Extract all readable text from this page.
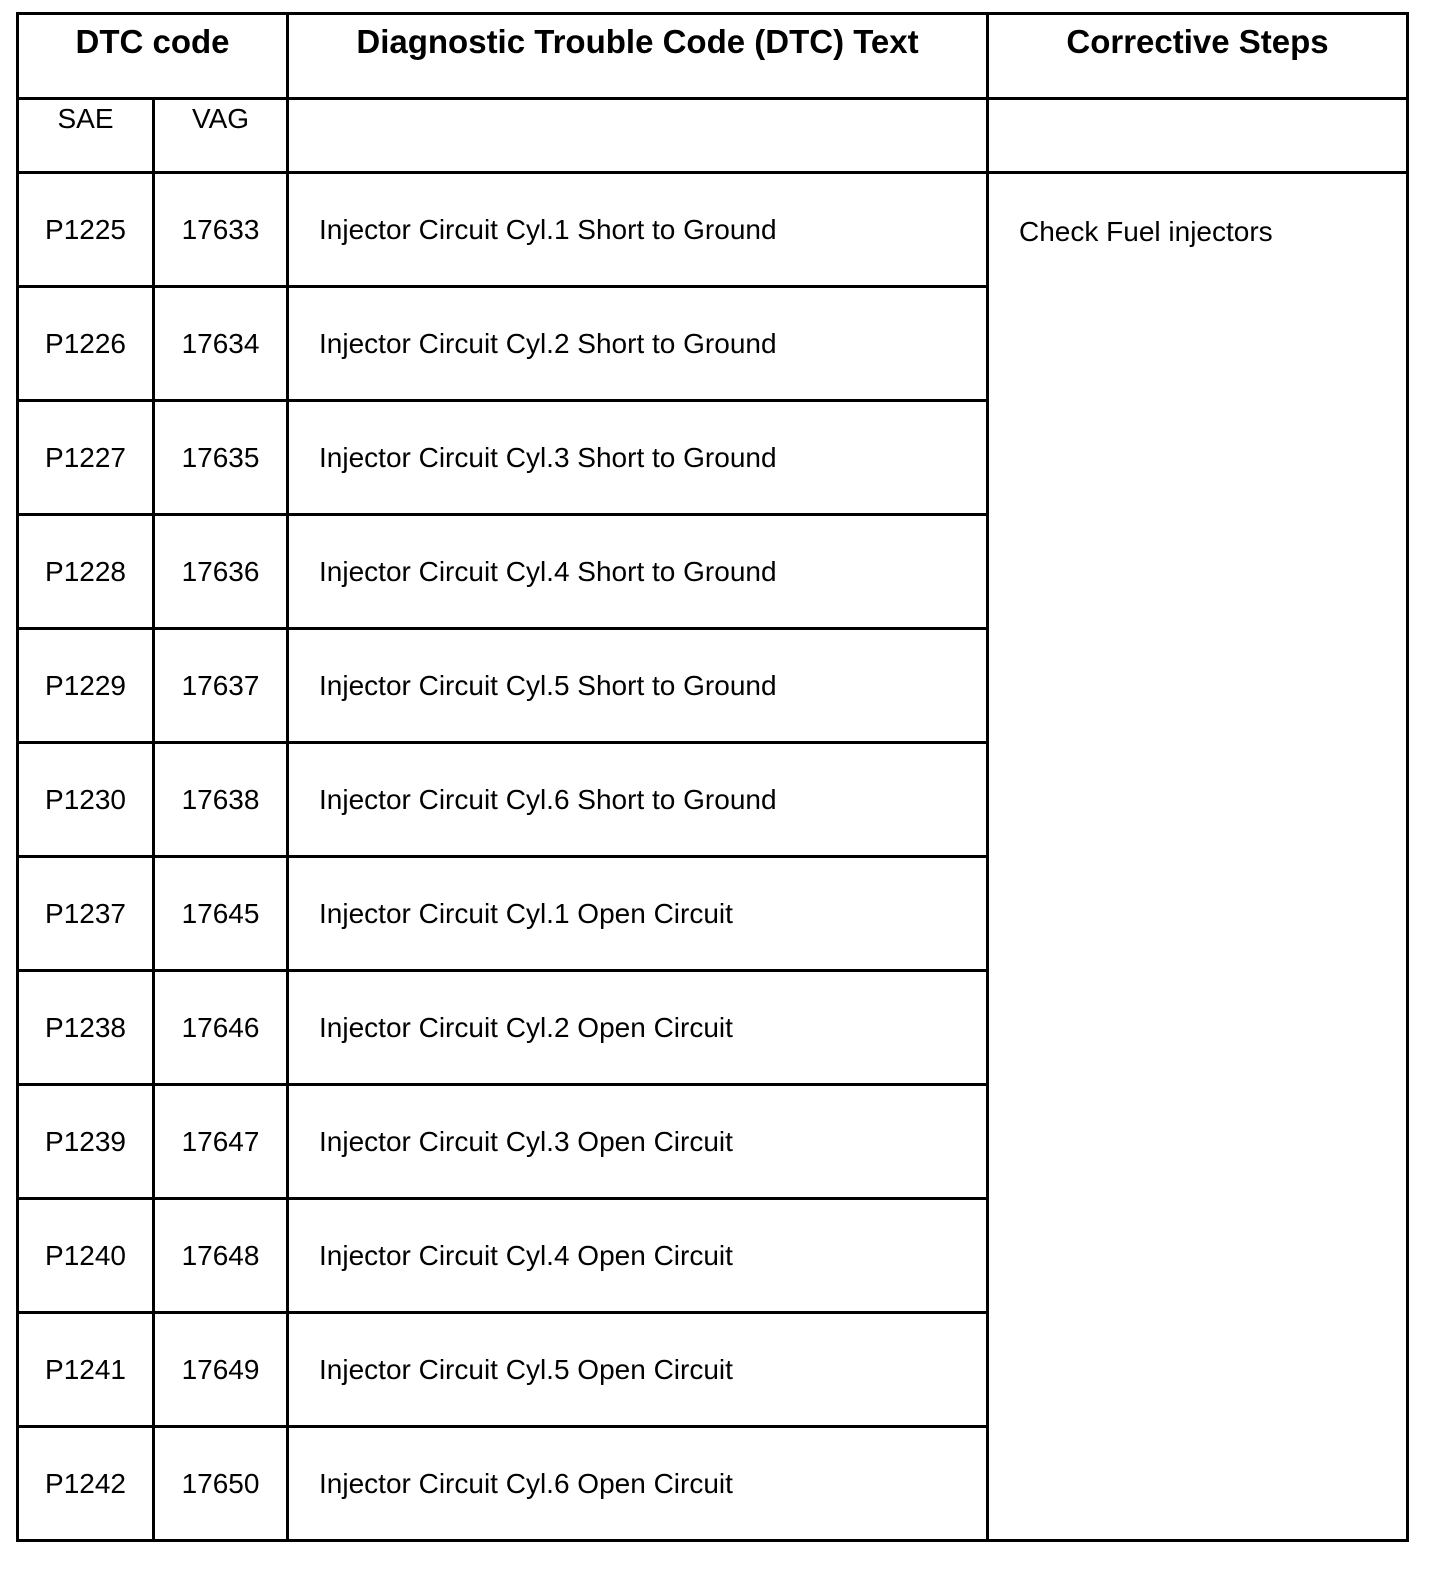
DTC code		Diagnostic Trouble Code (DTC) Text	Corrective Steps
SAE	VAG		
P1225	17633	Injector Circuit Cyl.1 Short to Ground	Check Fuel injectors
P1226	17634	Injector Circuit Cyl.2 Short to Ground	
P1227	17635	Injector Circuit Cyl.3 Short to Ground	
P1228	17636	Injector Circuit Cyl.4 Short to Ground	
P1229	17637	Injector Circuit Cyl.5 Short to Ground	
P1230	17638	Injector Circuit Cyl.6 Short to Ground	
P1237	17645	Injector Circuit Cyl.1 Open Circuit	
P1238	17646	Injector Circuit Cyl.2 Open Circuit	
P1239	17647	Injector Circuit Cyl.3 Open Circuit	
P1240	17648	Injector Circuit Cyl.4 Open Circuit	
P1241	17649	Injector Circuit Cyl.5 Open Circuit	
P1242	17650	Injector Circuit Cyl.6 Open Circuit	
